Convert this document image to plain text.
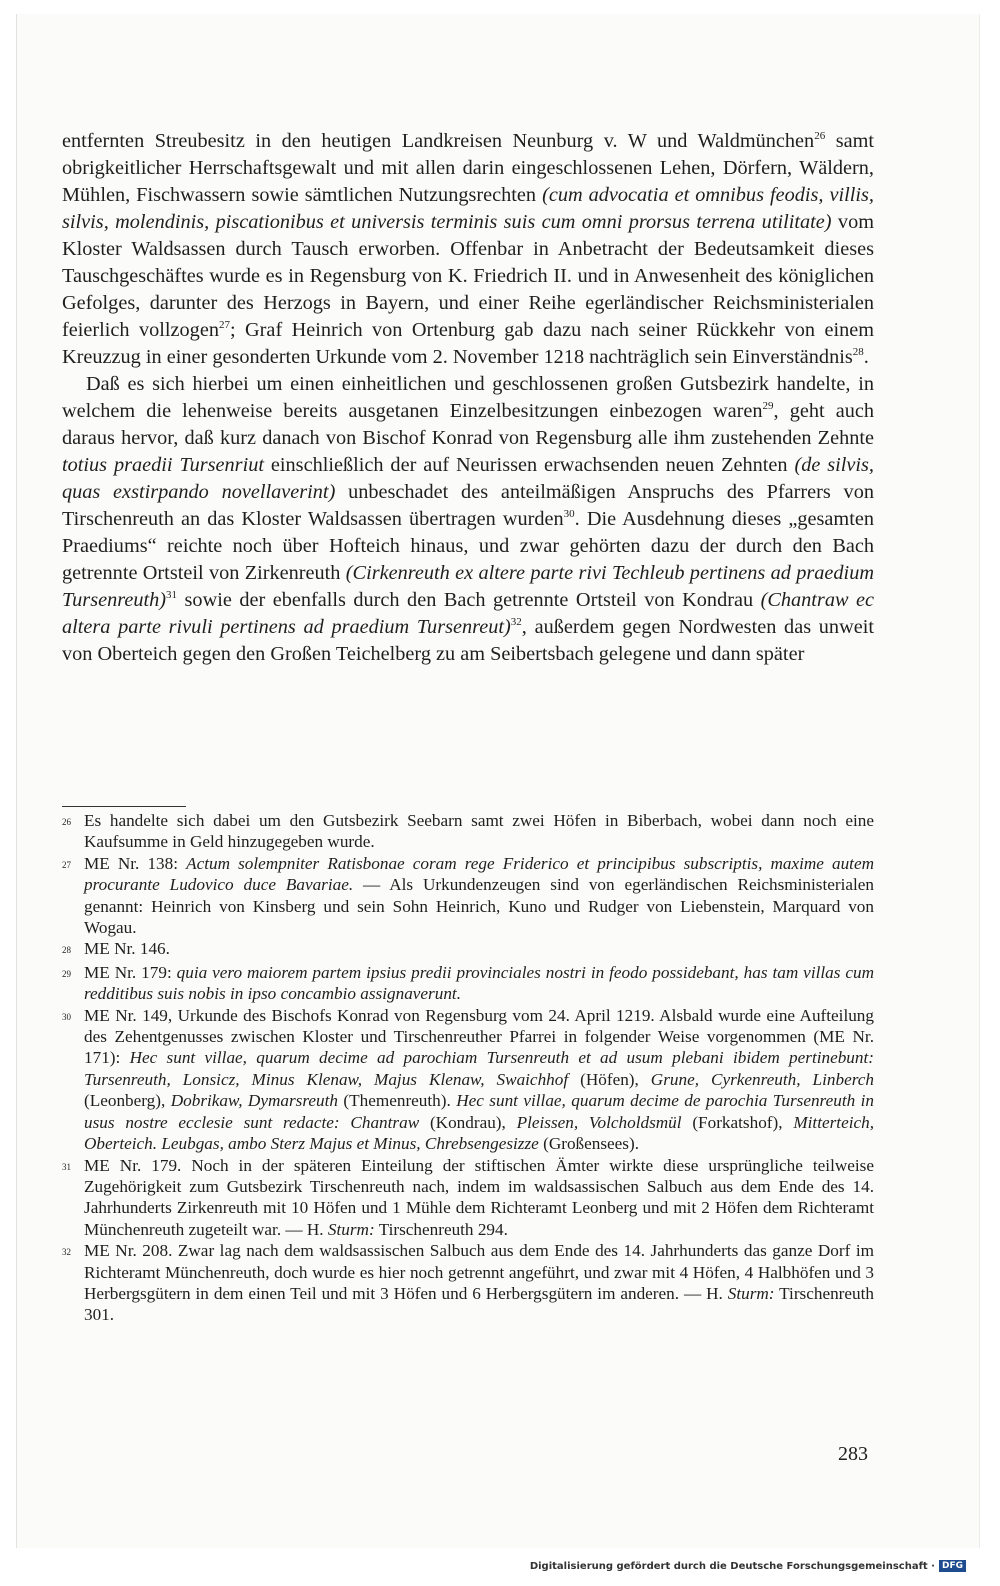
entfernten Streubesitz in den heutigen Landkreisen Neunburg v. W und Waldmünchen$^{26}$ samt obrigkeitlicher Herrschaftsgewalt und mit allen darin eingeschlossenen Lehen, Dörfern, Wäldern, Mühlen, Fischwassern sowie sämtlichen Nutzungsrechten (cum advocatia et omnibus feodis, villis, silvis, molendinis, piscationibus et universis terminis suis cum omni prorsus terrena utilitate) vom Kloster Waldsassen durch Tausch erworben. Offenbar in Anbetracht der Bedeutsamkeit dieses Tauschgeschäftes wurde es in Regensburg von K. Friedrich II. und in Anwesenheit des königlichen Gefolges, darunter des Herzogs in Bayern, und einer Reihe egerländischer Reichsministerialen feierlich vollzogen$^{27}$; Graf Heinrich von Ortenburg gab dazu nach seiner Rückkehr von einem Kreuzzug in einer gesonderten Urkunde vom 2. November 1218 nachträglich sein Einverständnis$^{28}$.

Daß es sich hierbei um einen einheitlichen und geschlossenen großen Gutsbezirk handelte, in welchem die lehenweise bereits ausgetanen Einzelbesitzungen einbezogen waren$^{29}$, geht auch daraus hervor, daß kurz danach von Bischof Konrad von Regensburg alle ihm zustehenden Zehnte totius praedii Tursenriut einschließlich der auf Neurissen erwachsenden neuen Zehnten (de silvis, quas exstirpando novellaverint) unbeschadet des anteilmäßigen Anspruchs des Pfarrers von Tirschenreuth an das Kloster Waldsassen übertragen wurden$^{30}$. Die Ausdehnung dieses „gesamten Praediums“ reichte noch über Hofteich hinaus, und zwar gehörten dazu der durch den Bach getrennte Ortsteil von Zirkenreuth (Cirkenreuth ex altere parte rivi Techleub pertinens ad praedium Tursenreuth)$^{31}$ sowie der ebenfalls durch den Bach getrennte Ortsteil von Kondrau (Chantraw ec altera parte rivuli pertinens ad praedium Tursenreut)$^{32}$, außerdem gegen Nordwesten das unweit von Oberteich gegen den Großen Teichelberg zu am Seibertsbach gelegene und dann später

26 Es handelte sich dabei um den Gutsbezirk Seebarn samt zwei Höfen in Biberbach, wobei dann noch eine Kaufsumme in Geld hinzugegeben wurde.

27 ME Nr. 138: Actum solempniter Ratisbonae coram rege Friderico et principibus subscriptis, maxime autem procurante Ludovico duce Bavariae. — Als Urkundenzeugen sind von egerländischen Reichsministerialen genannt: Heinrich von Kinsberg und sein Sohn Heinrich, Kuno und Rudger von Liebenstein, Marquard von Wogau.

28 ME Nr. 146.

29 ME Nr. 179: quia vero maiorem partem ipsius predii provinciales nostri in feodo possidebant, has tam villas cum redditibus suis nobis in ipso concambio assignaverunt.

30 ME Nr. 149, Urkunde des Bischofs Konrad von Regensburg vom 24. April 1219. Alsbald wurde eine Aufteilung des Zehentgenusses zwischen Kloster und Tirschenreuther Pfarrei in folgender Weise vorgenommen (ME Nr. 171): Hec sunt villae, quarum decime ad parochiam Tursenreuth et ad usum plebani ibidem pertinebunt: Tursenreuth, Lonsicz, Minus Klenaw, Majus Klenaw, Swaichhof (Höfen), Grune, Cyrkenreuth, Linberch (Leonberg), Dobrikaw, Dymarsreuth (Themenreuth). Hec sunt villae, quarum decime de parochia Tursenreuth in usus nostre ecclesie sunt redacte: Chantraw (Kondrau), Pleissen, Volcholdsmül (Forkatshof), Mitterteich, Oberteich. Leubgas, ambo Sterz Majus et Minus, Chrebsengesizze (Großensees).

31 ME Nr. 179. Noch in der späteren Einteilung der stiftischen Ämter wirkte diese ursprüngliche teilweise Zugehörigkeit zum Gutsbezirk Tirschenreuth nach, indem im waldsassischen Salbuch aus dem Ende des 14. Jahrhunderts Zirkenreuth mit 10 Höfen und 1 Mühle dem Richteramt Leonberg und mit 2 Höfen dem Richteramt Münchenreuth zugeteilt war. — H. Sturm: Tirschenreuth 294.

32 ME Nr. 208. Zwar lag nach dem waldsassischen Salbuch aus dem Ende des 14. Jahrhunderts das ganze Dorf im Richteramt Münchenreuth, doch wurde es hier noch getrennt angeführt, und zwar mit 4 Höfen, 4 Halbhöfen und 3 Herbergsgütern in dem einen Teil und mit 3 Höfen und 6 Herbergsgütern im anderen. — H. Sturm: Tirschenreuth 301.

283
Digitalisierung gefördert durch die Deutsche Forschungsgemeinschaft · DFG
